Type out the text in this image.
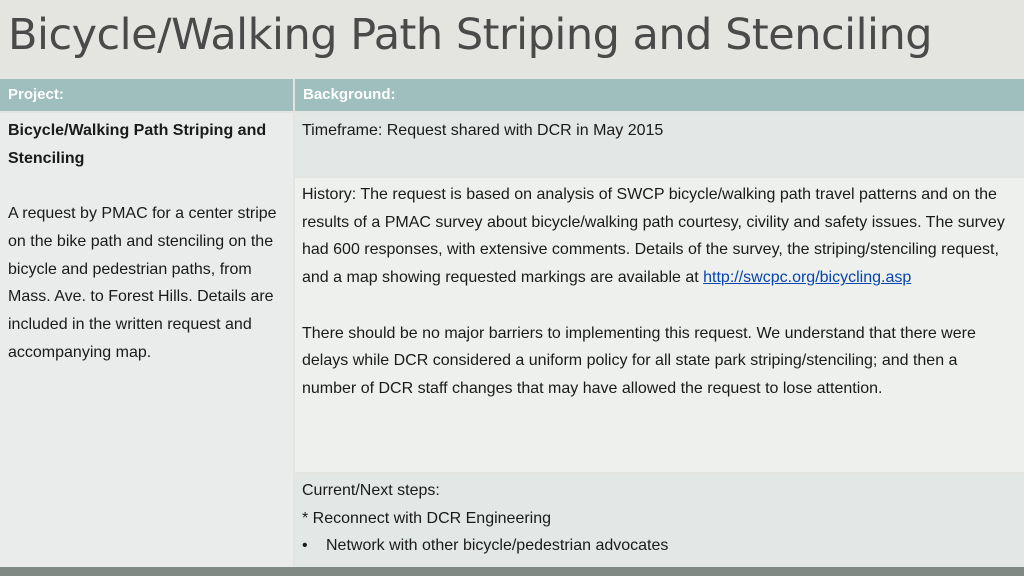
Bicycle/Walking Path Striping and Stenciling
Project:	Background:
Bicycle/Walking Path Striping and Stenciling
A request by PMAC for a center stripe on the bike path and stenciling on the bicycle and pedestrian paths, from Mass. Ave. to Forest Hills. Details are included in the written request and accompanying map.
Timeframe: Request shared with DCR in May 2015
History: The request is based on analysis of SWCP bicycle/walking path travel patterns and on the results of a PMAC survey about bicycle/walking path courtesy, civility and safety issues. The survey had 600 responses, with extensive comments. Details of the survey, the striping/stenciling request, and a map showing requested markings are available at http://swcpc.org/bicycling.asp
There should be no major barriers to implementing this request. We understand that there were delays while DCR considered a uniform policy for all state park striping/stenciling; and then a number of DCR staff changes that may have allowed the request to lose attention.
Current/Next steps:
* Reconnect with DCR Engineering
•	Network with other bicycle/pedestrian advocates
